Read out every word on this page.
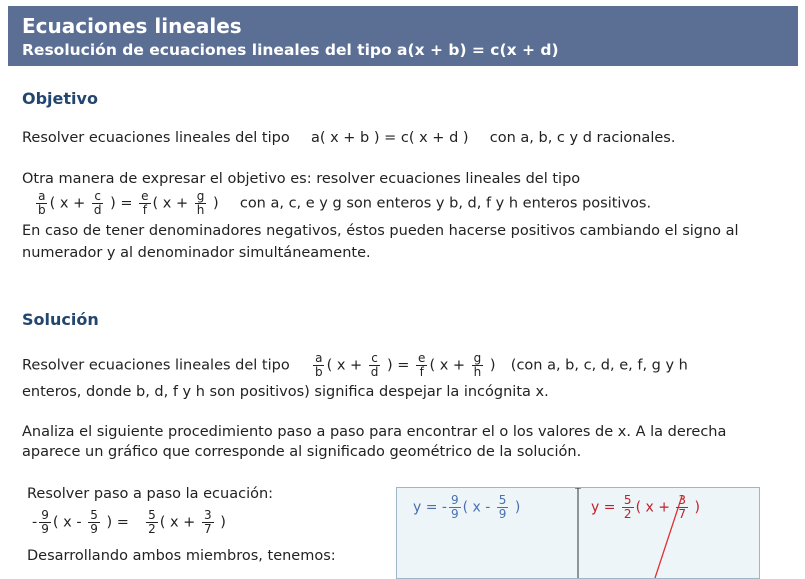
Ecuaciones lineales
Resolución de ecuaciones lineales del tipo a(x + b) = c(x + d)
Objetivo
Resolver ecuaciones lineales del tipo a( x + b ) = c( x + d ) con a, b, c y d racionales.
Otra manera de expresar el objetivo es: resolver ecuaciones lineales del tipo
$\frac{a}{b}$ ( $x + \frac{c}{d}$ ) = $\frac{e}{f}$ ( $x + \frac{g}{h}$ ) con a, c, e y g son enteros y b, d, f y h enteros positivos.
En caso de tener denominadores negativos, éstos pueden hacerse positivos cambiando el signo al
numerador y al denominador simultáneamente.
Solución
Resolver ecuaciones lineales del tipo $\frac{a}{b}$ ( $x + \frac{c}{d}$ ) = $\frac{e}{f}$ ( $x + \frac{g}{h}$ ) (con a, b, c, d, e, f, g y h
enteros, donde b, d, f y h son positivos) significa despejar la incógnita x.
Analiza el siguiente procedimiento paso a paso para encontrar el o los valores de x. A la derecha
aparece un gráfico que corresponde al significado geométrico de la solución.
Resolver paso a paso la ecuación:
- $\frac{9}{9}$ ( x - $\frac{5}{9}$ ) = $\frac{5}{2}$ ( $x + \frac{3}{7}$ )
Desarrollando ambos miembros, tenemos:
y = - $\frac{9}{9}$ ( x - $\frac{5}{9}$ )	$y = \frac{5}{2}$ ( $x + \frac{3}{7}$ )
